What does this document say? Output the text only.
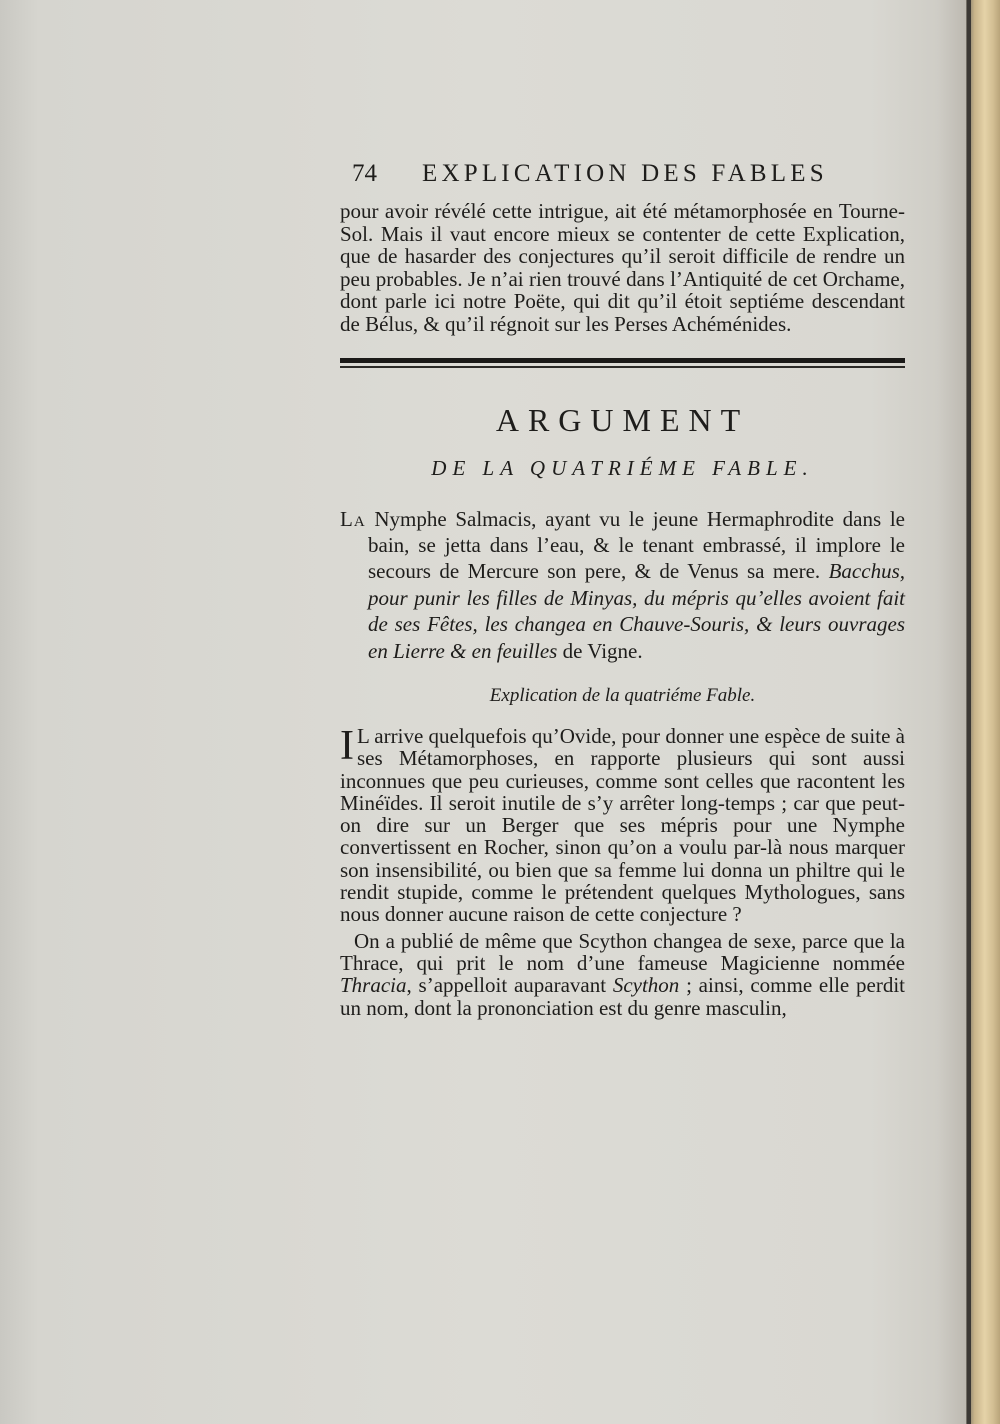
74	EXPLICATION DES FABLES

pour avoir révélé cette intrigue, ait été métamorphosée en Tourne-Sol. Mais il vaut encore mieux se contenter de cette Explication, que de hasarder des conjectures qu’il seroit difficile de rendre un peu probables. Je n’ai rien trouvé dans l’Antiquité de cet Orchame, dont parle ici notre Poëte, qui dit qu’il étoit septiéme descendant de Bélus, & qu’il régnoit sur les Perses Achéménides.

ARGUMENT
DE LA QUATRIÉME FABLE.

La Nymphe Salmacis, ayant vu le jeune Hermaphrodite dans le bain, se jetta dans l’eau, & le tenant embrassé, il implore le secours de Mercure son pere, & de Venus sa mere. Bacchus, pour punir les filles de Minyas, du mépris qu’elles avoient fait de ses Fêtes, les changea en Chauve-Souris, & leurs ouvrages en Lierre & en feuilles de Vigne.

Explication de la quatriéme Fable.
I L arrive quelquefois qu’Ovide, pour donner une espèce de suite à ses Métamorphoses, en rapporte plusieurs qui sont aussi inconnues que peu curieuses, comme sont celles que racontent les Minéïdes. Il seroit inutile de s’y arrêter long-temps ; car que peut-on dire sur un Berger que ses mépris pour une Nymphe convertissent en Rocher, sinon qu’on a voulu par-là nous marquer son insensibilité, ou bien que sa femme lui donna un philtre qui le rendit stupide, comme le prétendent quelques Mythologues, sans nous donner aucune raison de cette conjecture ?

On a publié de même que Scython changea de sexe, parce que la Thrace, qui prit le nom d’une fameuse Magicienne nommée Thracia, s’appelloit auparavant Scython ; ainsi, comme elle perdit un nom, dont la prononciation est du genre masculin,
